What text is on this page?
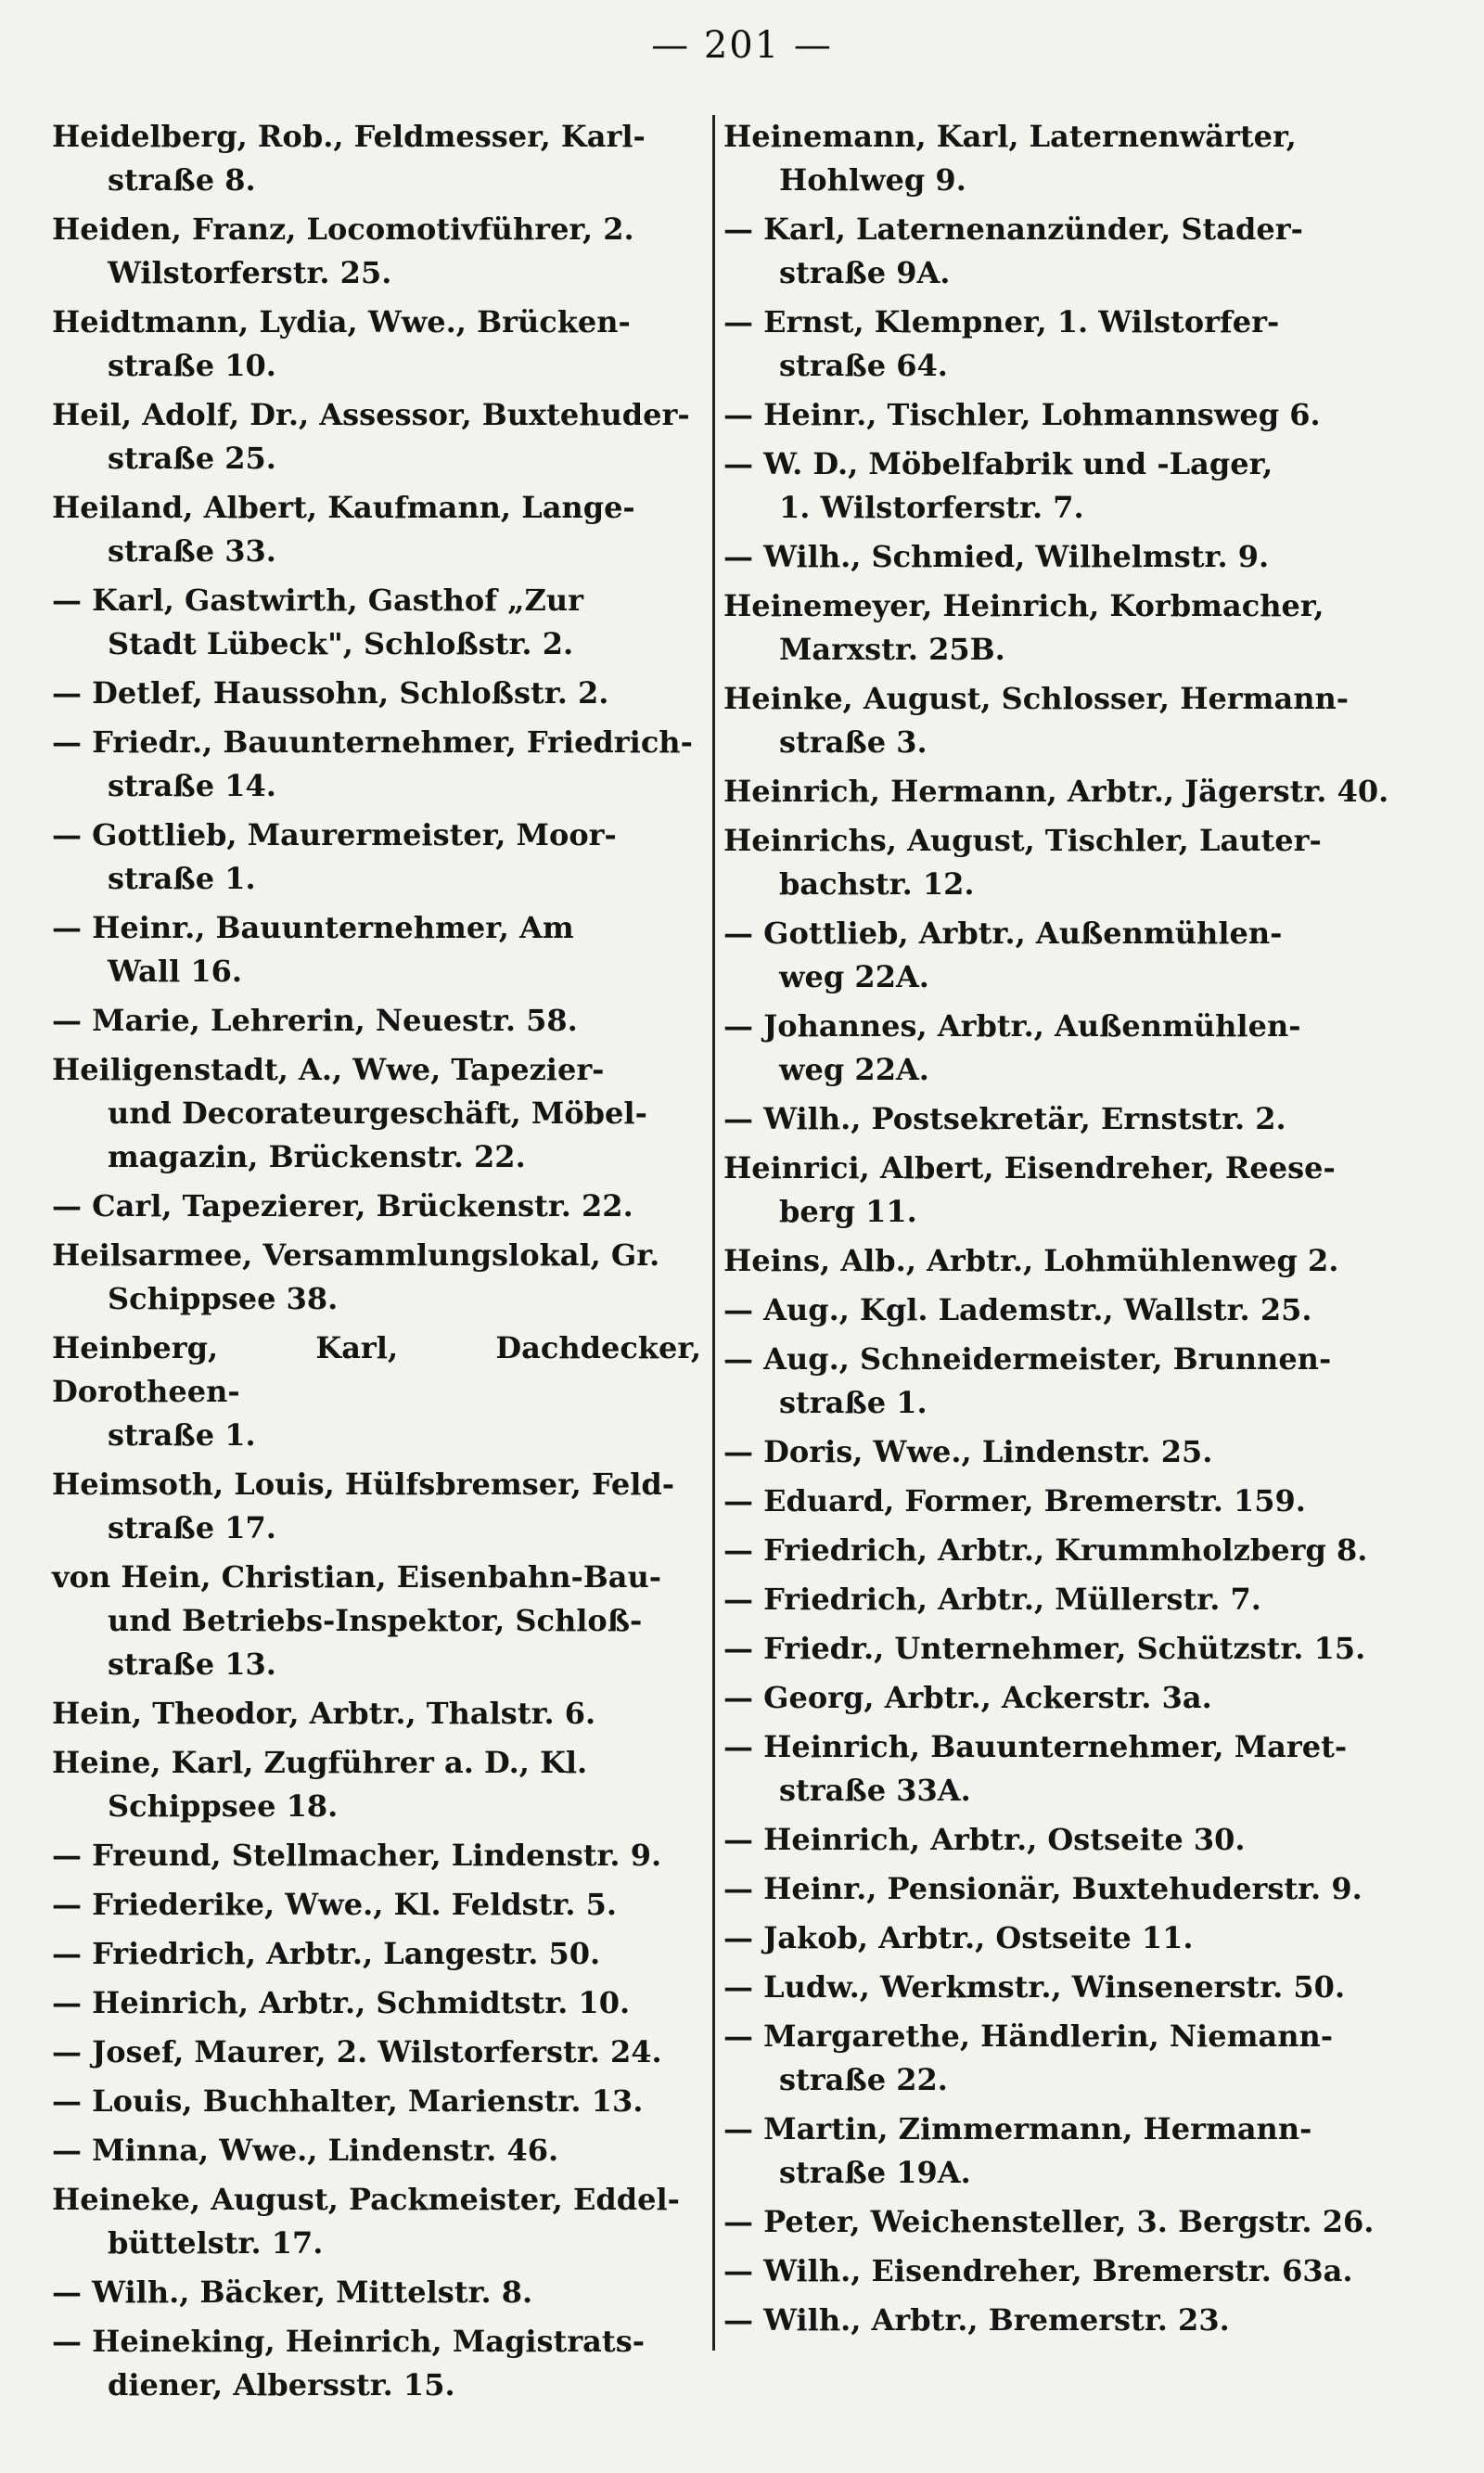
— 201 —
Heidelberg, Rob., Feldmesser, Karl-
straße 8.
Heiden, Franz, Locomotivführer, 2.
Wilstorferstr. 25.
Heidtmann, Lydia, Wwe., Brücken-
straße 10.
Heil, Adolf, Dr., Assessor, Buxtehuder-
straße 25.
Heiland, Albert, Kaufmann, Lange-
straße 33.
— Karl, Gastwirth, Gasthof „Zur
Stadt Lübeck", Schloßstr. 2.
— Detlef, Haussohn, Schloßstr. 2.
— Friedr., Bauunternehmer, Friedrich-
straße 14.
— Gottlieb, Maurermeister, Moor-
straße 1.
— Heinr., Bauunternehmer, Am
Wall 16.
— Marie, Lehrerin, Neuestr. 58.
Heiligenstadt, A., Wwe, Tapezier-
und Decorateurgeschäft, Möbel-
magazin, Brückenstr. 22.
— Carl, Tapezierer, Brückenstr. 22.
Heilsarmee, Versammlungslokal, Gr.
Schippsee 38.
Heinberg, Karl, Dachdecker, Dorotheen-
straße 1.
Heimsoth, Louis, Hülfsbremser, Feld-
straße 17.
von Hein, Christian, Eisenbahn-Bau-
und Betriebs-Inspektor, Schloß-
straße 13.
Hein, Theodor, Arbtr., Thalstr. 6.
Heine, Karl, Zugführer a. D., Kl.
Schippsee 18.
— Freund, Stellmacher, Lindenstr. 9.
— Friederike, Wwe., Kl. Feldstr. 5.
— Friedrich, Arbtr., Langestr. 50.
— Heinrich, Arbtr., Schmidtstr. 10.
— Josef, Maurer, 2. Wilstorferstr. 24.
— Louis, Buchhalter, Marienstr. 13.
— Minna, Wwe., Lindenstr. 46.
Heineke, August, Packmeister, Eddel-
büttelstr. 17.
— Wilh., Bäcker, Mittelstr. 8.
— Heineking, Heinrich, Magistrats-
diener, Albersstr. 15.
Heinemann, Karl, Laternenwärter,
Hohlweg 9.
— Karl, Laternenanzünder, Stader-
straße 9A.
— Ernst, Klempner, 1. Wilstorfer-
straße 64.
— Heinr., Tischler, Lohmannsweg 6.
— W. D., Möbelfabrik und -Lager,
1. Wilstorferstr. 7.
— Wilh., Schmied, Wilhelmstr. 9.
Heinemeyer, Heinrich, Korbmacher,
Marxstr. 25B.
Heinke, August, Schlosser, Hermann-
straße 3.
Heinrich, Hermann, Arbtr., Jägerstr. 40.
Heinrichs, August, Tischler, Lauter-
bachstr. 12.
— Gottlieb, Arbtr., Außenmühlen-
weg 22A.
— Johannes, Arbtr., Außenmühlen-
weg 22A.
— Wilh., Postsekretär, Ernststr. 2.
Heinrici, Albert, Eisendreher, Reese-
berg 11.
Heins, Alb., Arbtr., Lohmühlenweg 2.
— Aug., Kgl. Lademstr., Wallstr. 25.
— Aug., Schneidermeister, Brunnen-
straße 1.
— Doris, Wwe., Lindenstr. 25.
— Eduard, Former, Bremerstr. 159.
— Friedrich, Arbtr., Krummholzberg 8.
— Friedrich, Arbtr., Müllerstr. 7.
— Friedr., Unternehmer, Schützstr. 15.
— Georg, Arbtr., Ackerstr. 3a.
— Heinrich, Bauunternehmer, Maret-
straße 33A.
— Heinrich, Arbtr., Ostseite 30.
— Heinr., Pensionär, Buxtehuderstr. 9.
— Jakob, Arbtr., Ostseite 11.
— Ludw., Werkmstr., Winsenerstr. 50.
— Margarethe, Händlerin, Niemann-
straße 22.
— Martin, Zimmermann, Hermann-
straße 19A.
— Peter, Weichensteller, 3. Bergstr. 26.
— Wilh., Eisendreher, Bremerstr. 63a.
— Wilh., Arbtr., Bremerstr. 23.
